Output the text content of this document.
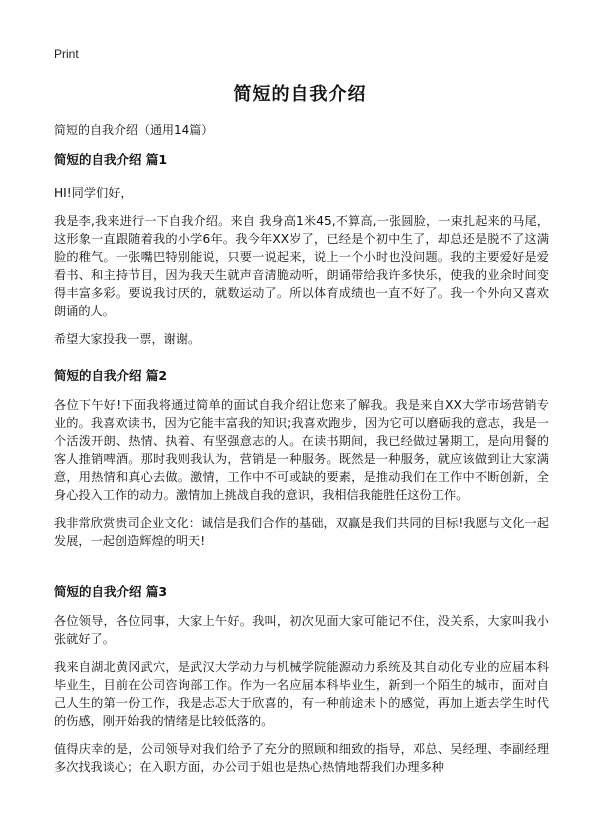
Print
简短的自我介绍
简短的自我介绍（通用14篇）
简短的自我介绍 篇1

HI!同学们好，

我是李,我来进行一下自我介绍。来自 我身高1米45,不算高,一张圆脸，一束扎起来的马尾，这形象一直跟随着我的小学6年。我今年XX岁了，已经是个初中生了，却总还是脱不了这满脸的稚气。一张嘴巴特别能说，只要一说起来，说上一个小时也没问题。我的主要爱好是爱看书、和主持节目，因为我天生就声音清脆动听，朗诵带给我许多快乐，使我的业余时间变得丰富多彩。要说我讨厌的，就数运动了。所以体育成绩也一直不好了。我一个外向又喜欢朗诵的人。

希望大家投我一票，谢谢。

简短的自我介绍 篇2

各位下午好!下面我将通过简单的面试自我介绍让您来了解我。我是来自XX大学市场营销专业的。我喜欢读书，因为它能丰富我的知识;我喜欢跑步，因为它可以磨砺我的意志，我是一个活泼开朗、热情、执着、有坚强意志的人。在读书期间，我已经做过暑期工，是向用餐的客人推销啤酒。那时我则我认为，营销是一种服务。既然是一种服务，就应该做到让大家满意，用热情和真心去做。激情，工作中不可或缺的要素，是推动我们在工作中不断创新，全身心投入工作的动力。激情加上挑战自我的意识，我相信我能胜任这份工作。

我非常欣赏贵司企业文化：诚信是我们合作的基础，双赢是我们共同的目标!我愿与文化一起发展，一起创造辉煌的明天!

简短的自我介绍 篇3

各位领导，各位同事，大家上午好。我叫，初次见面大家可能记不住，没关系，大家叫我小张就好了。

我来自湖北黄冈武穴，是武汉大学动力与机械学院能源动力系统及其自动化专业的应届本科毕业生，目前在公司咨询部工作。作为一名应届本科毕业生，新到一个陌生的城市，面对自己人生的第一份工作，我是忐忑大于欣喜的，有一种前途未卜的感觉，再加上逝去学生时代的伤感，刚开始我的情绪是比较低落的。

值得庆幸的是，公司领导对我们给予了充分的照顾和细致的指导，邓总、吴经理、李副经理多次找我谈心；在入职方面，办公司于姐也是热心热情地帮我们办理多种
